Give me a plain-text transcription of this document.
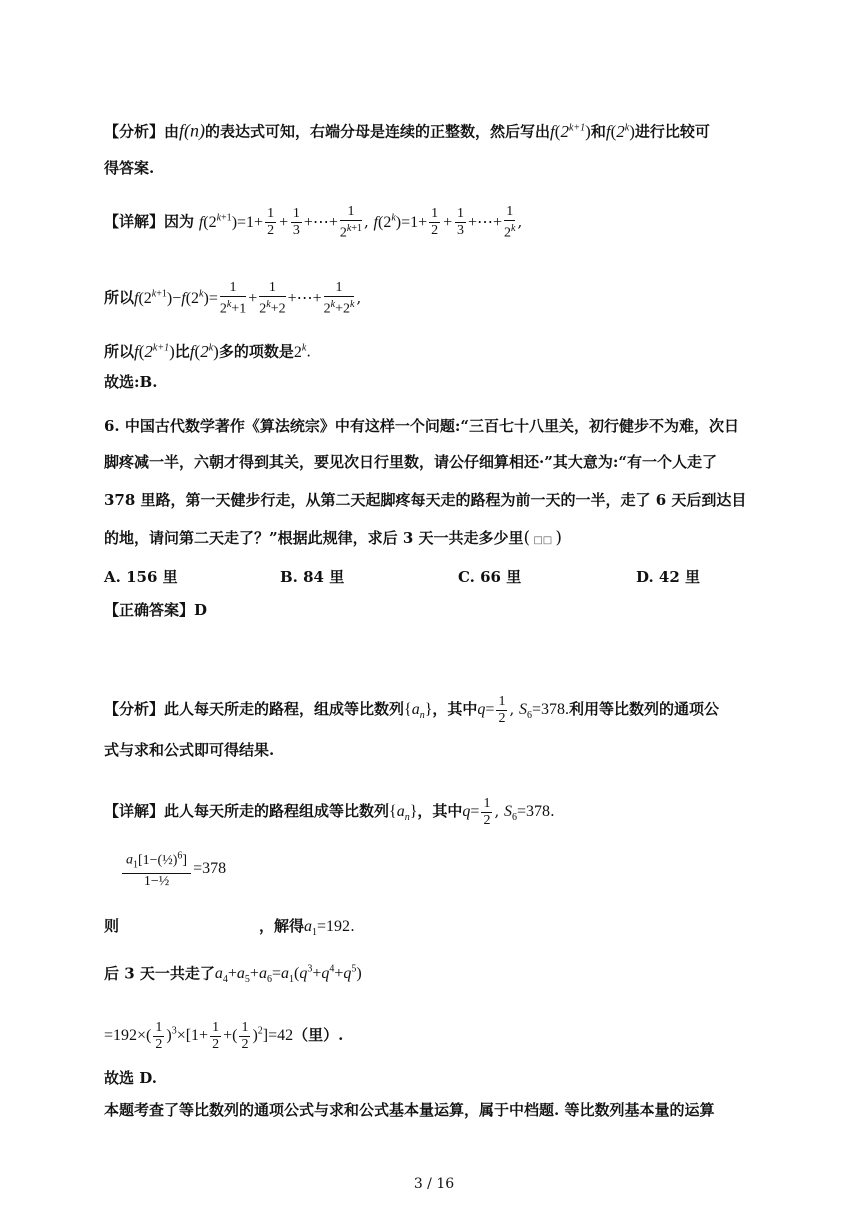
【分析】由f(n)的表达式可知，右端分母是连续的正整数，然后写出$f(2^{k+1})$和f(2$^k$)进行比较可
得答案.
【详解】因为 $f(2^{k+1})=1+ \frac{1}{2} + \frac{1}{3}$ +⋯+ $\frac{1}{2^{k+1}}$ , $f(2^k)=1+ \frac{1}{2} + \frac{1}{3}$ +⋯+ $\frac{1}{2^k}$ ,
所以$f(2^{k+1})-f(2^k)= \frac{1}{2^k+1} + \frac{1}{2^k+2}$ +⋯+ $\frac{1}{2^k+2^k}$ ,
所以$f(2^{k+1})$比f(2$^k$)多的项数是2$^k$.
故选:B.
6. 中国古代数学著作《算法统宗》中有这样一个问题:“三百七十八里关，初行健步不为难，次日
脚疼减一半，六朝才得到其关，要见次日行里数，请公仔细算相还·”其大意为:“有一个人走了
378 里路，第一天健步行走，从第二天起脚疼每天走的路程为前一天的一半，走了 6 天后到达目
的地，请问第二天走了？”根据此规律，求后 3 天一共走多少里( □□ )
A. 156 里	B. 84 里	C. 66 里	D. 42 里
【正确答案】D
【分析】此人每天所走的路程，组成等比数列$\{a_n\}$，其中$q= \frac{1}{2}$ , $S_6=378$.利用等比数列的通项公
式与求和公式即可得结果.
【详解】此人每天所走的路程组成等比数列$\{a_n\}$，其中$q= \frac{1}{2}$ , $S_6=378$.
$\frac{a_1[1-(\frac{1}{2})^6]}{\text{1−½}} =378$
则	，解得$a_1=192$.
后 3 天一共走了$a_4+a_5+a_6=a_1(q^3+q^4+q^5)$
$=192\times( \frac{1}{2} )^3\times[1+ \frac{1}{2}$ +( $\frac{1}{2} )^2]=42$（里）.
故选 D.
本题考查了等比数列的通项公式与求和公式基本量运算，属于中档题. 等比数列基本量的运算
3 / 16
